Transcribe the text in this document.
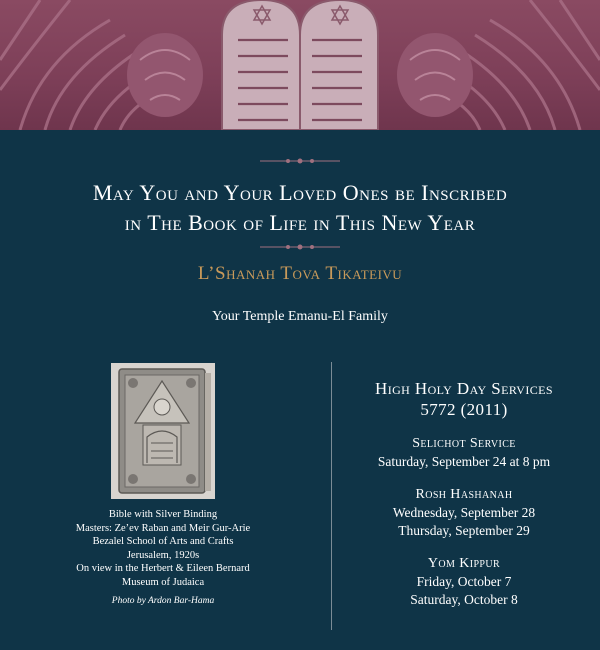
May You and Your Loved Ones be Inscribed
in The Book of Life in This New Year
L’Shanah Tova Tikateivu
Your Temple Emanu-El Family
Bible with Silver Binding
Masters: Ze’ev Raban and Meir Gur-Arie
Bezalel School of Arts and Crafts
Jerusalem, 1920s
On view in the Herbert & Eileen Bernard
Museum of Judaica
Photo by Ardon Bar-Hama
High Holy Day Services
5772 (2011)
Selichot Service
Saturday, September 24 at 8 pm
Rosh Hashanah
Wednesday, September 28
Thursday, September 29
Yom Kippur
Friday, October 7
Saturday, October 8
